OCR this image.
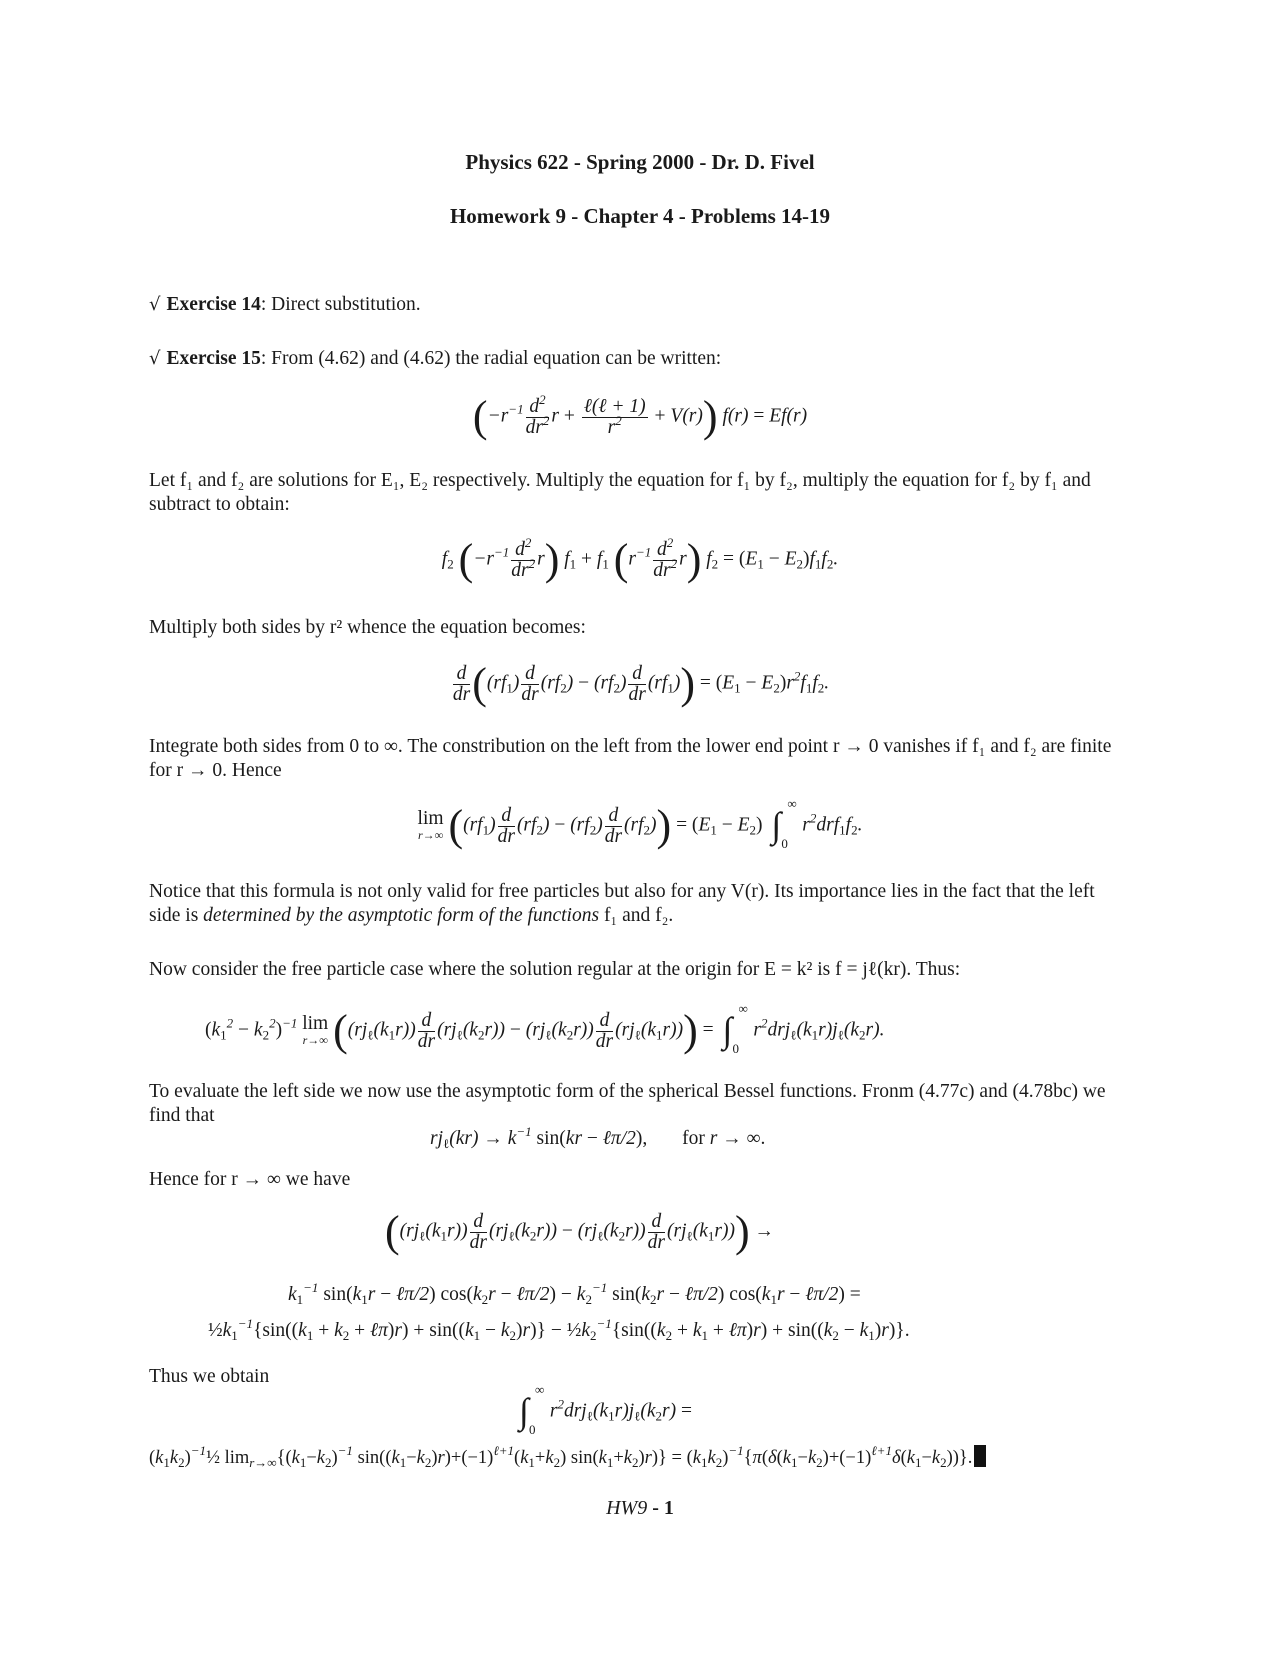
Physics 622 - Spring 2000 - Dr. D. Fivel
Homework 9 - Chapter 4 - Problems 14-19
√ Exercise 14: Direct substitution.
√ Exercise 15: From (4.62) and (4.62) the radial equation can be written:
($-r^{-1} \frac{d^2}{dr^2}$ $r + \frac{\text{ℓ(ℓ + 1)}}{r^2} + V(r)$) f(r) = Ef(r)
Let f₁ and f₂ are solutions for E₁, E₂ respectively. Multiply the equation for f₁ by f₂, multiply the equation for f₂ by f₁ and subtract to obtain:
$f_2$ $(-r^{-1} \frac{d^2}{dr^2} r) f_1 + f_1$ $(r^{-1} \frac{d^2}{dr^2} r) f_2 = (E_1 - E_2)f_1f_2$.
Multiply both sides by r² whence the equation becomes:
$\frac{d}{dr} ((rf_1) \frac{d}{dr} (rf_2) - (rf_2) \frac{d}{dr} (rf_1)) = (E_1 - E_2)r^2f_1f_2$.
Integrate both sides from 0 to ∞. The constribution on the left from the lower end point r → 0 vanishes if f₁ and f₂ are finite for r → 0. Hence
lim
r→∞ $((rf_1) \frac{d}{dr} (rf_2) - (rf_2) \frac{d}{dr} (rf_2)) = (E_1 - E_2)$ ∫
∞
0
$r^2drf_1f_2$.
Notice that this formula is not only valid for free particles but also for any V(r). Its importance lies in the fact that the left side is determined by the asymptotic form of the functions f₁ and f₂.
Now consider the free particle case where the solution regular at the origin for E = k² is f = jℓ(kr). Thus:
$(k_1^2 - k_2^2)^{-1}$ lim
r→∞ $((rj_\ell(k_1r)) \frac{d}{dr} (rj_\ell(k_2r)) - (rj_\ell(k_2r)) \frac{d}{dr} (rj_\ell(k_1r)))$ = ∫
∞
0
$r^2drj_\ell(k_1r)j_\ell(k_2r)$.
To evaluate the left side we now use the asymptotic form of the spherical Bessel functions. Fronm (4.77c) and (4.78bc) we find that
$rj_\ell(kr) \to k^{-1}$ sin(kr − ℓπ/2), for r → ∞.
Hence for r → ∞ we have
$((rj_\ell(k_1r)) \frac{d}{dr} (rj_\ell(k_2r)) - (rj_\ell(k_2r)) \frac{d}{dr} (rj_\ell(k_1r)))$ →
$k_1^{-1}$ $\sin(k_1r$ − ℓπ/2) $\cos(k_2r$ − ℓπ/2) − $k_2^{-1}$ $\sin(k_2r$ − ℓπ/2) $\cos(k_1r$ − ℓπ/2) =
$\frac{1}{2}k_1^{-1}\{\sin((k_1 + k_2$ + ℓπ)r) + $\sin((k_1 - k_2)r)$} − $\frac{1}{2}k_2^{-1}\{\sin((k_2 + k_1$ + ℓπ)r) + $\sin((k_2 - k_1)r)$}.
Thus we obtain
∫
∞
0
$r^2drj_\ell(k_1r)j_\ell(k_2r)$ =
$(k_1k_2)^{-1}\frac{1}{2}$ $\lim_{r\to\infty}\{(k_1-k_2)^{-1}$ $\sin((k_1-k_2)r)+(-1)^{\ell+1}(k_1+k_2) \sin(k_1+k_2)r)\} = (k_1k_2)^{-1}\{\pi(\delta(k_1-k_2)+(-1)^{\ell+1}\delta(k_1-k_2))\}$.
HW9 - 1
